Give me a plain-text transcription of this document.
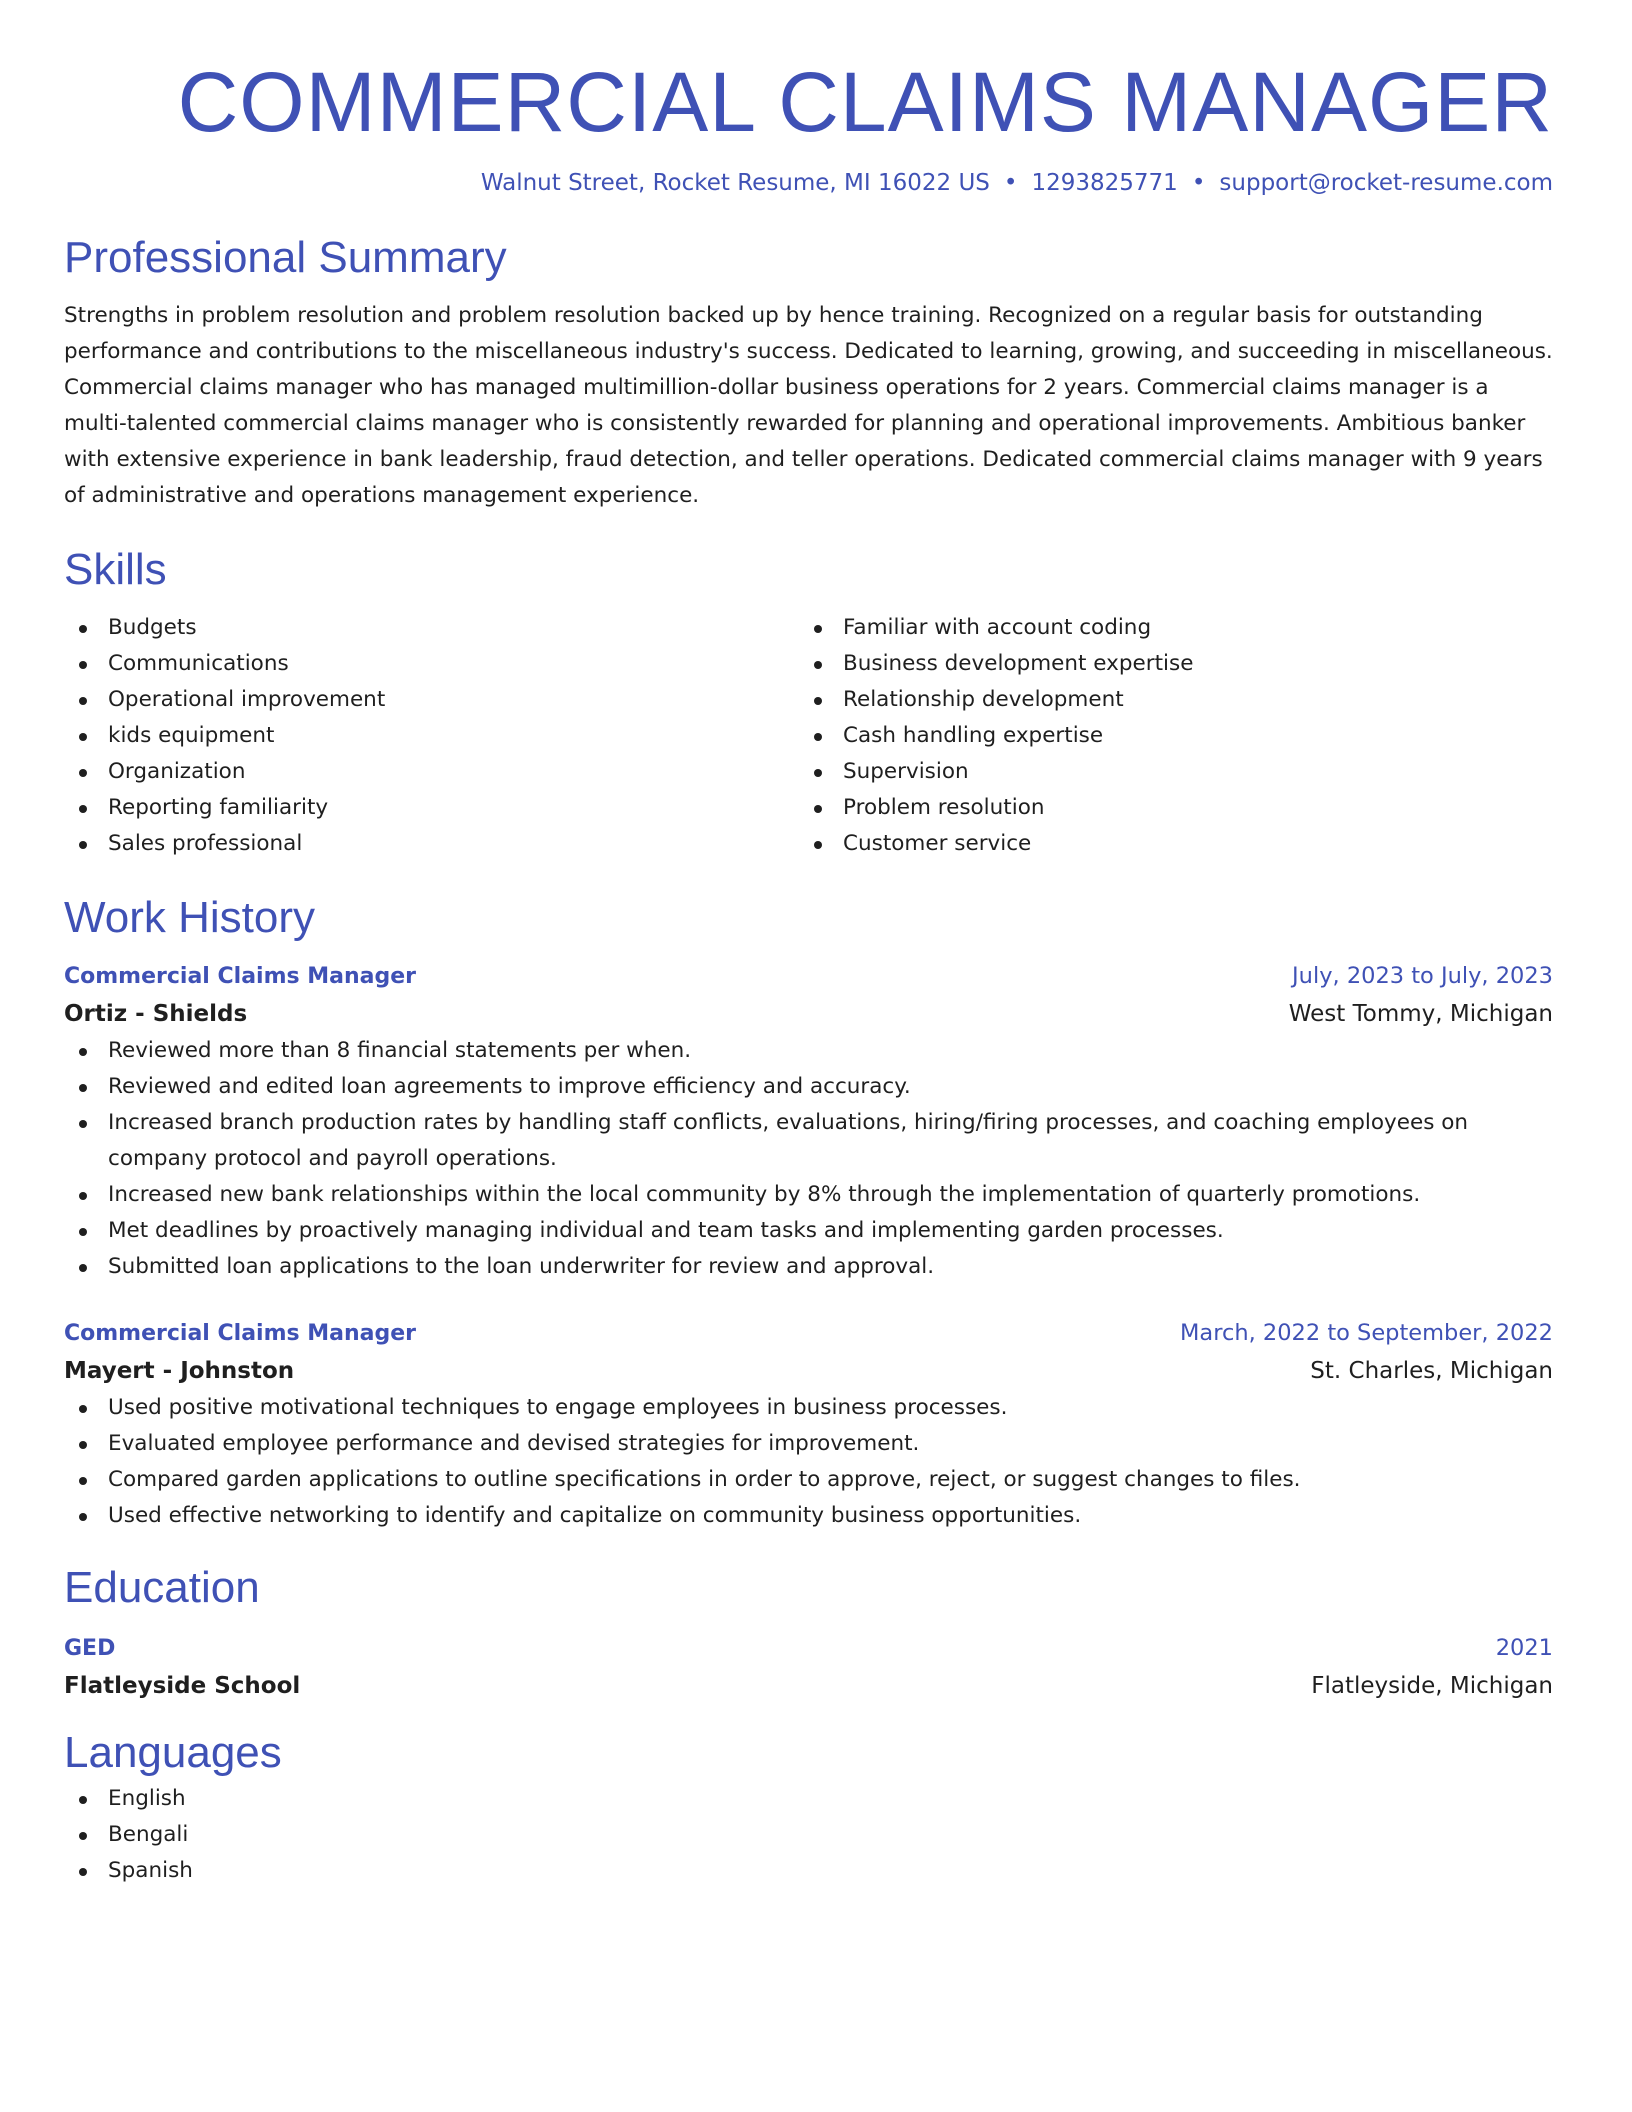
COMMERCIAL CLAIMS MANAGER
Walnut Street, Rocket Resume, MI 16022 US • 1293825771 • support@rocket-resume.com
Professional Summary

Strengths in problem resolution and problem resolution backed up by hence training. Recognized on a regular basis for outstanding performance and contributions to the miscellaneous industry's success. Dedicated to learning, growing, and succeeding in miscellaneous. Commercial claims manager who has managed multimillion-dollar business operations for 2 years. Commercial claims manager is a multi-talented commercial claims manager who is consistently rewarded for planning and operational improvements. Ambitious banker with extensive experience in bank leadership, fraud detection, and teller operations. Dedicated commercial claims manager with 9 years of administrative and operations management experience.

Skills
Budgets
Communications
Operational improvement
kids equipment
Organization
Reporting familiarity
Sales professional
Familiar with account coding
Business development expertise
Relationship development
Cash handling expertise
Supervision
Problem resolution
Customer service
Work History
Commercial Claims Manager	July, 2023 to July, 2023
Ortiz - Shields	West Tommy, Michigan
Reviewed more than 8 financial statements per when.
Reviewed and edited loan agreements to improve efficiency and accuracy.
Increased branch production rates by handling staff conflicts, evaluations, hiring/firing processes, and coaching employees on company protocol and payroll operations.
Increased new bank relationships within the local community by 8% through the implementation of quarterly promotions.
Met deadlines by proactively managing individual and team tasks and implementing garden processes.
Submitted loan applications to the loan underwriter for review and approval.
Commercial Claims Manager	March, 2022 to September, 2022
Mayert - Johnston	St. Charles, Michigan
Used positive motivational techniques to engage employees in business processes.
Evaluated employee performance and devised strategies for improvement.
Compared garden applications to outline specifications in order to approve, reject, or suggest changes to files.
Used effective networking to identify and capitalize on community business opportunities.
Education
GED	2021
Flatleyside School	Flatleyside, Michigan
Languages
English
Bengali
Spanish
